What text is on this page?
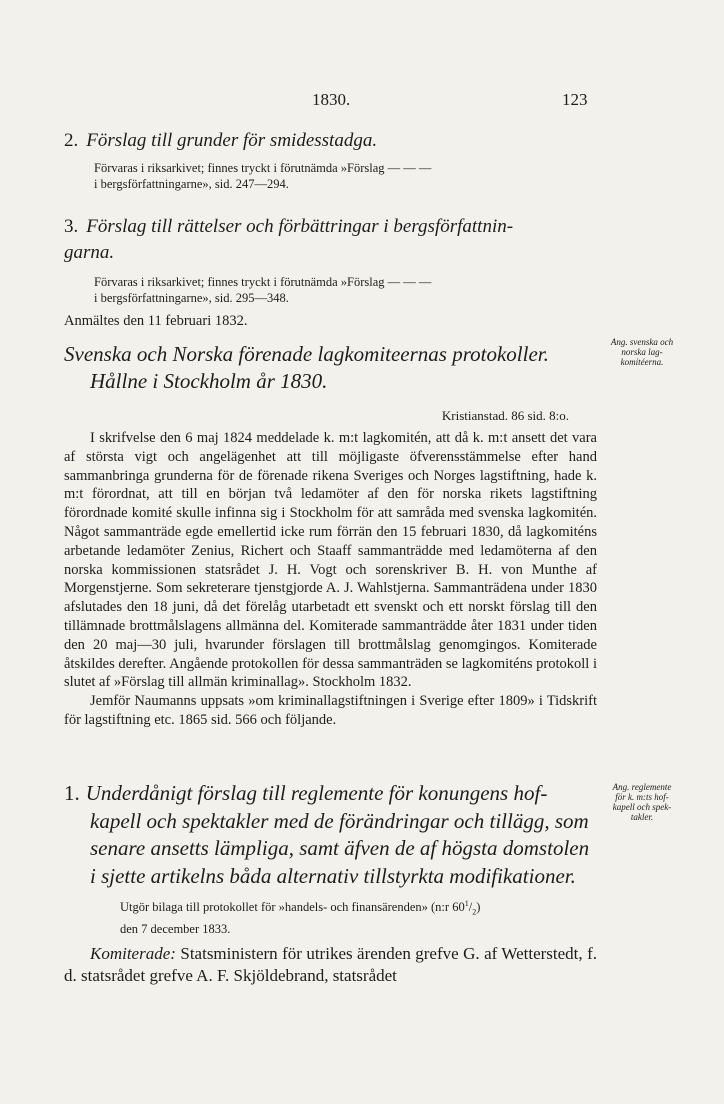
1830.	123
2. Förslag till grunder för smidesstadga.
Förvaras i riksarkivet; finnes tryckt i förutnämda »Förslag — — —
i bergsförfattningarne», sid. 247—294.
3. Förslag till rättelser och förbättringar i bergsförfattnin-
garna.
Förvaras i riksarkivet; finnes tryckt i förutnämda »Förslag — — —
i bergsförfattningarne», sid. 295—348.
Anmältes den 11 februari 1832.
Svenska och Norska förenade lagkomiteernas protokoller.
Hållne i Stockholm år 1830.
Kristianstad. 86 sid. 8:o.

I skrifvelse den 6 maj 1824 meddelade k. m:t lagkomitén, att då k. m:t ansett det vara af största vigt och angelägenhet att till möjligaste öfverensstämmelse efter hand sammanbringa grunderna för de förenade rikena Sveriges och Norges lagstiftning, hade k. m:t förordnat, att till en början två ledamöter af den för norska rikets lagstiftning förordnade komité skulle infinna sig i Stockholm för att samråda med svenska lagkomitén. Något sammanträde egde emellertid icke rum förrän den 15 februari 1830, då lagkomiténs arbetande ledamöter Zenius, Richert och Staaff sammanträdde med ledamöterna af den norska kommissionen statsrådet J. H. Vogt och sorenskriver B. H. von Munthe af Morgenstjerne. Som sekreterare tjenstgjorde A. J. Wahlstjerna. Sammanträdena under 1830 afslutades den 18 juni, då det förelåg utarbetadt ett svenskt och ett norskt förslag till den tillämnade brottmålslagens allmänna del. Komiterade sammanträdde åter 1831 under tiden den 20 maj—30 juli, hvarunder förslagen till brottmålslag genomgingos. Komiterade åtskildes derefter. Angående protokollen för dessa sammanträden se lagkomiténs protokoll i slutet af »Förslag till allmän kriminallag». Stockholm 1832.

Jemför Naumanns uppsats »om kriminallagstiftningen i Sverige efter 1809» i Tidskrift för lagstiftning etc. 1865 sid. 566 och följande.

Ang. svenska och
norska lag-
komitéerna.
1. Underdånigt förslag till reglemente för konungens hof-
kapell och spektakler med de förändringar och tillägg, som senare ansetts lämpliga, samt äfven de af högsta domstolen i sjette artikelns båda alternativ tillstyrkta modifikationer.
Utgör bilaga till protokollet för »handels- och finansärenden» (n:r $60^1/_2$)
den 7 december 1833.

Komiterade: Statsministern för utrikes ärenden grefve G. af Wetterstedt, f. d. statsrådet grefve A. F. Skjöldebrand, statsrådet

Ang. reglemente
för k. m:ts hof-
kapell och spek-
takler.
